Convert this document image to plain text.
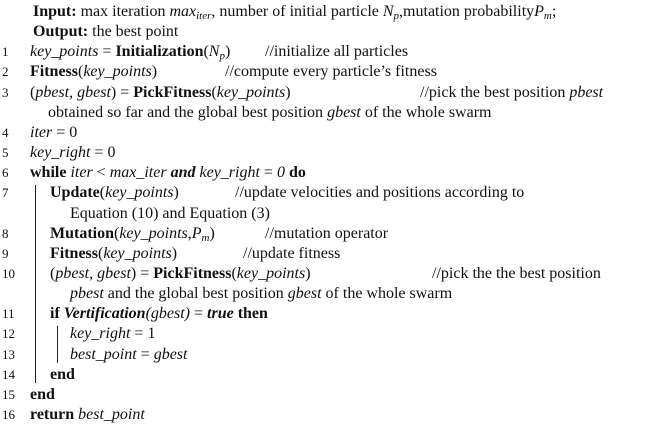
Input: max iteration maxiter, number of initial particle Np,mutation probabilityPm;
Output: the best point
1	key_points = Initialization(Np) //initialize all particles
2	Fitness(key_points)	//compute every particle’s fitness
3	(pbest, gbest) = PickFitness(key_points)	//pick the best position pbest
obtained so far and the global best position gbest of the whole swarm
4	iter = 0
5	key_right = 0
6	while iter < max_iter and key_right = 0 do
7	Update(key_points)	//update velocities and positions according to
Equation (10) and Equation (3)
8	Mutation(key_points,Pm)	//mutation operator
9	Fitness(key_points)	//update fitness
10	(pbest, gbest) = PickFitness(key_points)	//pick the the best position
pbest and the global best position gbest of the whole swarm
11	if Vertification(gbest) = true then
12	key_right = 1
13	best_point = gbest
14	end
15 end
16 return best_point
